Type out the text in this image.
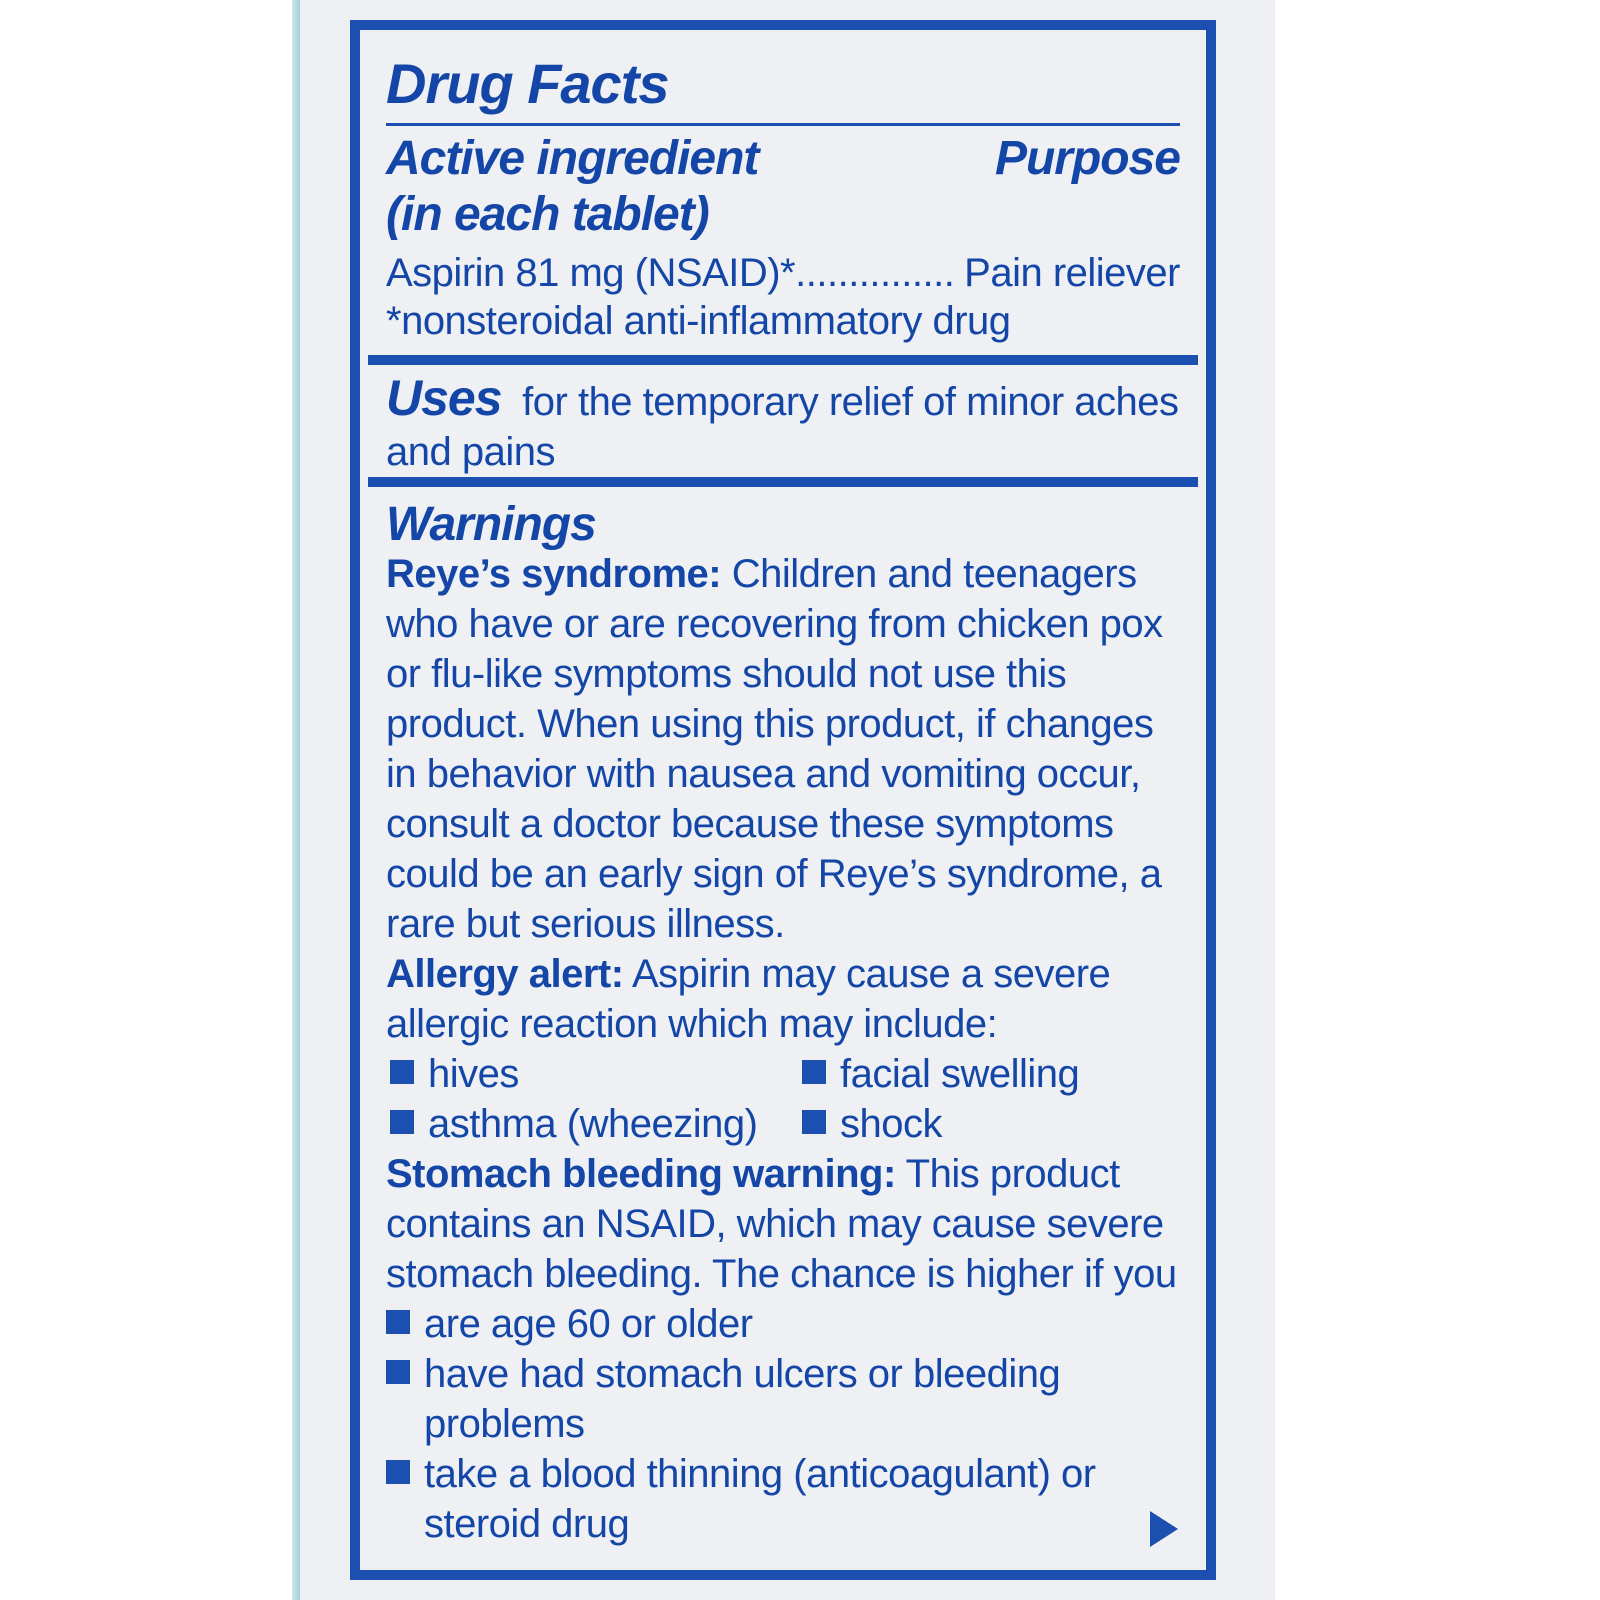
Drug Facts
Active ingredient
(in each tablet)
Purpose
Aspirin 81 mg (NSAID)* ............... Pain reliever
*nonsteroidal anti-inflammatory drug
Uses for the temporary relief of minor aches and pains
Warnings
Reye’s syndrome: Children and teenagers who have or are recovering from chicken pox or flu-like symptoms should not use this product. When using this product, if changes in behavior with nausea and vomiting occur, consult a doctor because these symptoms could be an early sign of Reye’s syndrome, a rare but serious illness.
Allergy alert: Aspirin may cause a severe allergic reaction which may include:
hives	facial swelling
asthma (wheezing)	shock
Stomach bleeding warning: This product contains an NSAID, which may cause severe stomach bleeding. The chance is higher if you
are age 60 or older
have had stomach ulcers or bleeding problems
take a blood thinning (anticoagulant) or steroid drug
